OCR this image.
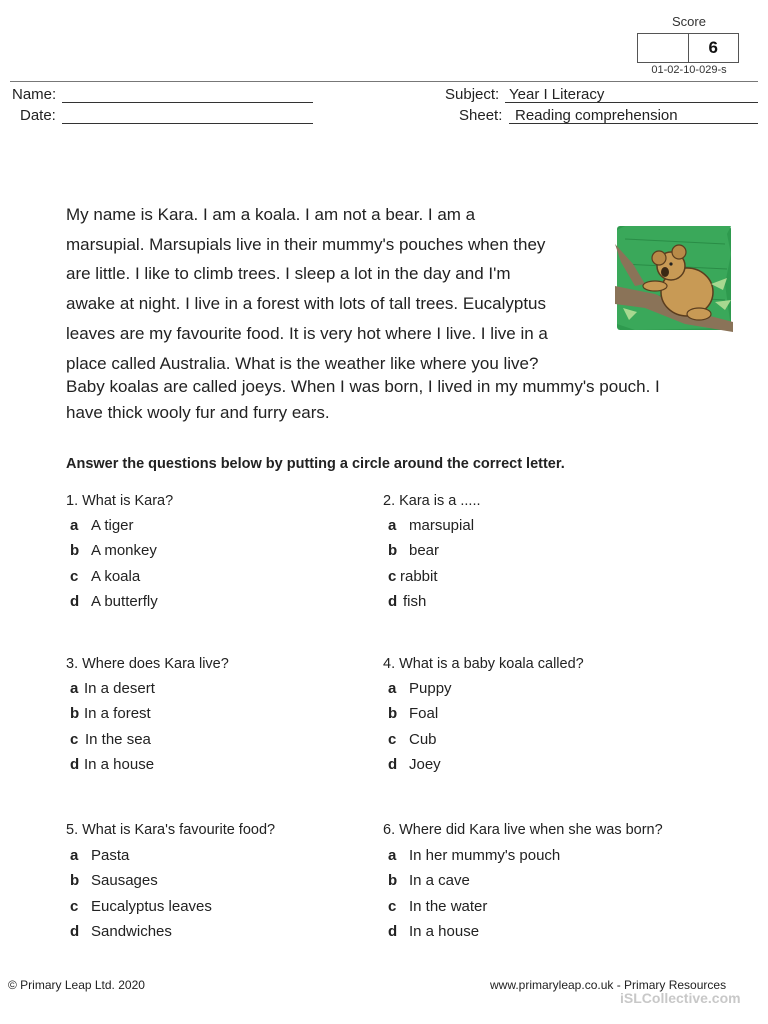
Score
6
01-02-10-029-s
Name:
Date:
Subject: Year I Literacy
Sheet: Reading comprehension
My name is Kara. I am a koala. I am not a bear. I am a
marsupial. Marsupials live in their mummy's pouches when they
are little. I like to climb trees. I sleep a lot in the day and I'm
awake at night. I live in a forest with lots of tall trees. Eucalyptus
leaves are my favourite food. It is very hot where I live. I live in a
place called Australia. What is the weather like where you live?
Baby koalas are called joeys. When I was born, I lived in my mummy's pouch. I
have thick wooly fur and furry ears.
Answer the questions below by putting a circle around the correct letter.
1. What is Kara?
a A tiger
b A monkey
c A koala
d A butterfly
2. Kara is a .....
a marsupial
b bear
c rabbit
d fish
3. Where does Kara live?
a In a desert
b In a forest
c In the sea
d In a house
4. What is a baby koala called?
a Puppy
b Foal
c Cub
d Joey
5. What is Kara's favourite food?
a Pasta
b Sausages
c Eucalyptus leaves
d Sandwiches
6. Where did Kara live when she was born?
a In her mummy's pouch
b In a cave
c In the water
d In a house
© Primary Leap Ltd. 2020	www.primaryleap.co.uk - Primary Resources
iSLCollective.com
